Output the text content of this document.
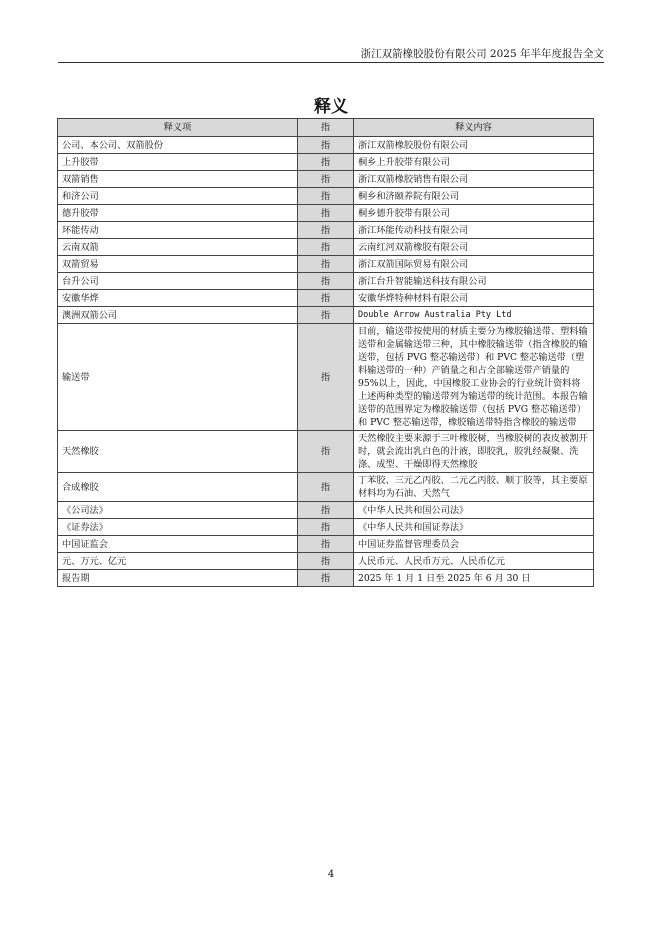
浙江双箭橡胶股份有限公司 2025 年半年度报告全文
释义
释义项	指	释义内容
公司、本公司、双箭股份	指	浙江双箭橡胶股份有限公司
上升胶带	指	桐乡上升胶带有限公司
双箭销售	指	浙江双箭橡胶销售有限公司
和济公司	指	桐乡和济颐养院有限公司
德升胶带	指	桐乡德升胶带有限公司
环能传动	指	浙江环能传动科技有限公司
云南双箭	指	云南红河双箭橡胶有限公司
双箭贸易	指	浙江双箭国际贸易有限公司
台升公司	指	浙江台升智能输送科技有限公司
安徽华烨	指	安徽华烨特种材料有限公司
澳洲双箭公司	指	Double Arrow Australia Pty Ltd
输送带	指	目前，输送带按使用的材质主要分为橡胶输送带、塑料输送带和金属输送带三种，其中橡胶输送带（指含橡胶的输送带，包括 PVG 整芯输送带）和 PVC 整芯输送带（塑料输送带的一种）产销量之和占全部输送带产销量的 95%以上，因此，中国橡胶工业协会的行业统计资料将上述两种类型的输送带列为输送带的统计范围。本报告输送带的范围界定为橡胶输送带（包括 PVG 整芯输送带）和 PVC 整芯输送带，橡胶输送带特指含橡胶的输送带
天然橡胶	指	天然橡胶主要来源于三叶橡胶树，当橡胶树的表皮被割开时，就会流出乳白色的汁液，即胶乳，胶乳经凝聚、洗涤、成型、干燥即得天然橡胶
合成橡胶	指	丁苯胶、三元乙丙胶、二元乙丙胶、顺丁胶等，其主要原材料均为石油、天然气
《公司法》	指	《中华人民共和国公司法》
《证券法》	指	《中华人民共和国证券法》
中国证监会	指	中国证券监督管理委员会
元、万元、亿元	指	人民币元、人民币万元、人民币亿元
报告期	指	2025 年 1 月 1 日至 2025 年 6 月 30 日
4
